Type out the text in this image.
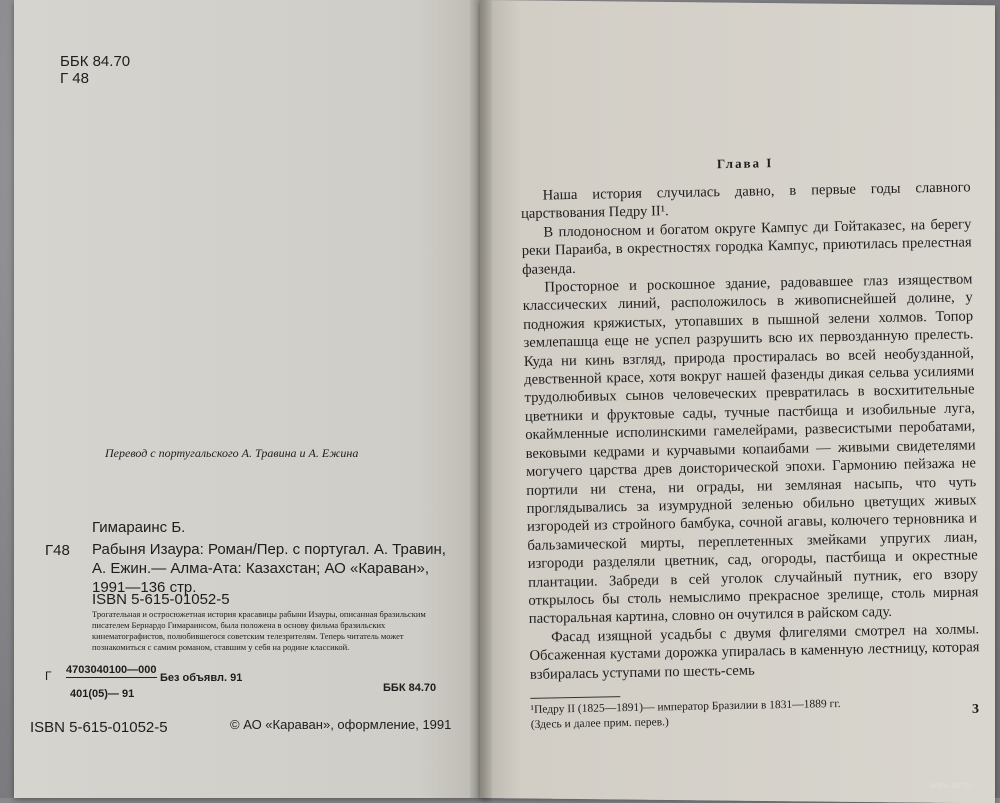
ББК 84.70
Г 48
Перевод с португальского А. Травина и А. Ежина
Гимараинс Б.
Г48 Рабыня Изаура: Роман/Пер. с португал. А. Травин,
А. Ежин.— Алма-Ата: Казахстан; АО «Караван»,
1991—136 стр.
ISBN 5-615-01052-5
Трогательная и остросюжетная история красавицы рабыни Изауры, описанная бразильским писателем Бернардо Гимараинсом, была положена в основу фильма бразильских кинематографистов, полюбившегося советским телезрителям. Теперь читатель может познакомиться с самим романом, ставшим у себя на родине классикой.
Г 4703040100—000
401(05)— 91
Без объявл. 91
ББК 84.70
ISBN 5-615-01052-5	© АО «Караван», оформление, 1991
Глава I

Наша история случилась давно, в первые годы славного царствования Педру II¹.

В плодоносном и богатом округе Кампус ди Гойтаказес, на берегу реки Параиба, в окрестностях городка Кампус, приютилась прелестная фазенда.

Просторное и роскошное здание, радовавшее глаз изяществом классических линий, расположилось в живописнейшей долине, у подножия кряжистых, утопавших в пышной зелени холмов. Топор землепашца еще не успел разрушить всю их первозданную прелесть. Куда ни кинь взгляд, природа простиралась во всей необузданной, девственной красе, хотя вокруг нашей фазенды дикая сельва усилиями трудолюбивых сынов человеческих превратилась в восхитительные цветники и фруктовые сады, тучные пастбища и изобильные луга, окаймленные исполинскими гамелейрами, развесистыми перобатами, вековыми кедрами и курчавыми копаибами — живыми свидетелями могучего царства древ доисторической эпохи. Гармонию пейзажа не портили ни стена, ни ограды, ни земляная насыпь, что чуть проглядывались за изумрудной зеленью обильно цветущих живых изгородей из стройного бамбука, сочной агавы, колючего терновника и бальзамической мирты, переплетенных змейками упругих лиан, изгороди разделяли цветник, сад, огороды, пастбища и окрестные плантации. Забреди в сей уголок случайный путник, его взору открылось бы столь немыслимо прекрасное зрелище, столь мирная пасторальная картина, словно он очутился в райском саду.

Фасад изящной усадьбы с двумя флигелями смотрел на холмы. Обсаженная кустами дорожка упиралась в каменную лестницу, которая взбиралась уступами по шесть-семь

¹Педру II (1825—1891)— император Бразилии в 1831—1889 гг.

(Здесь и далее прим. перев.)

3
www.ay.by
